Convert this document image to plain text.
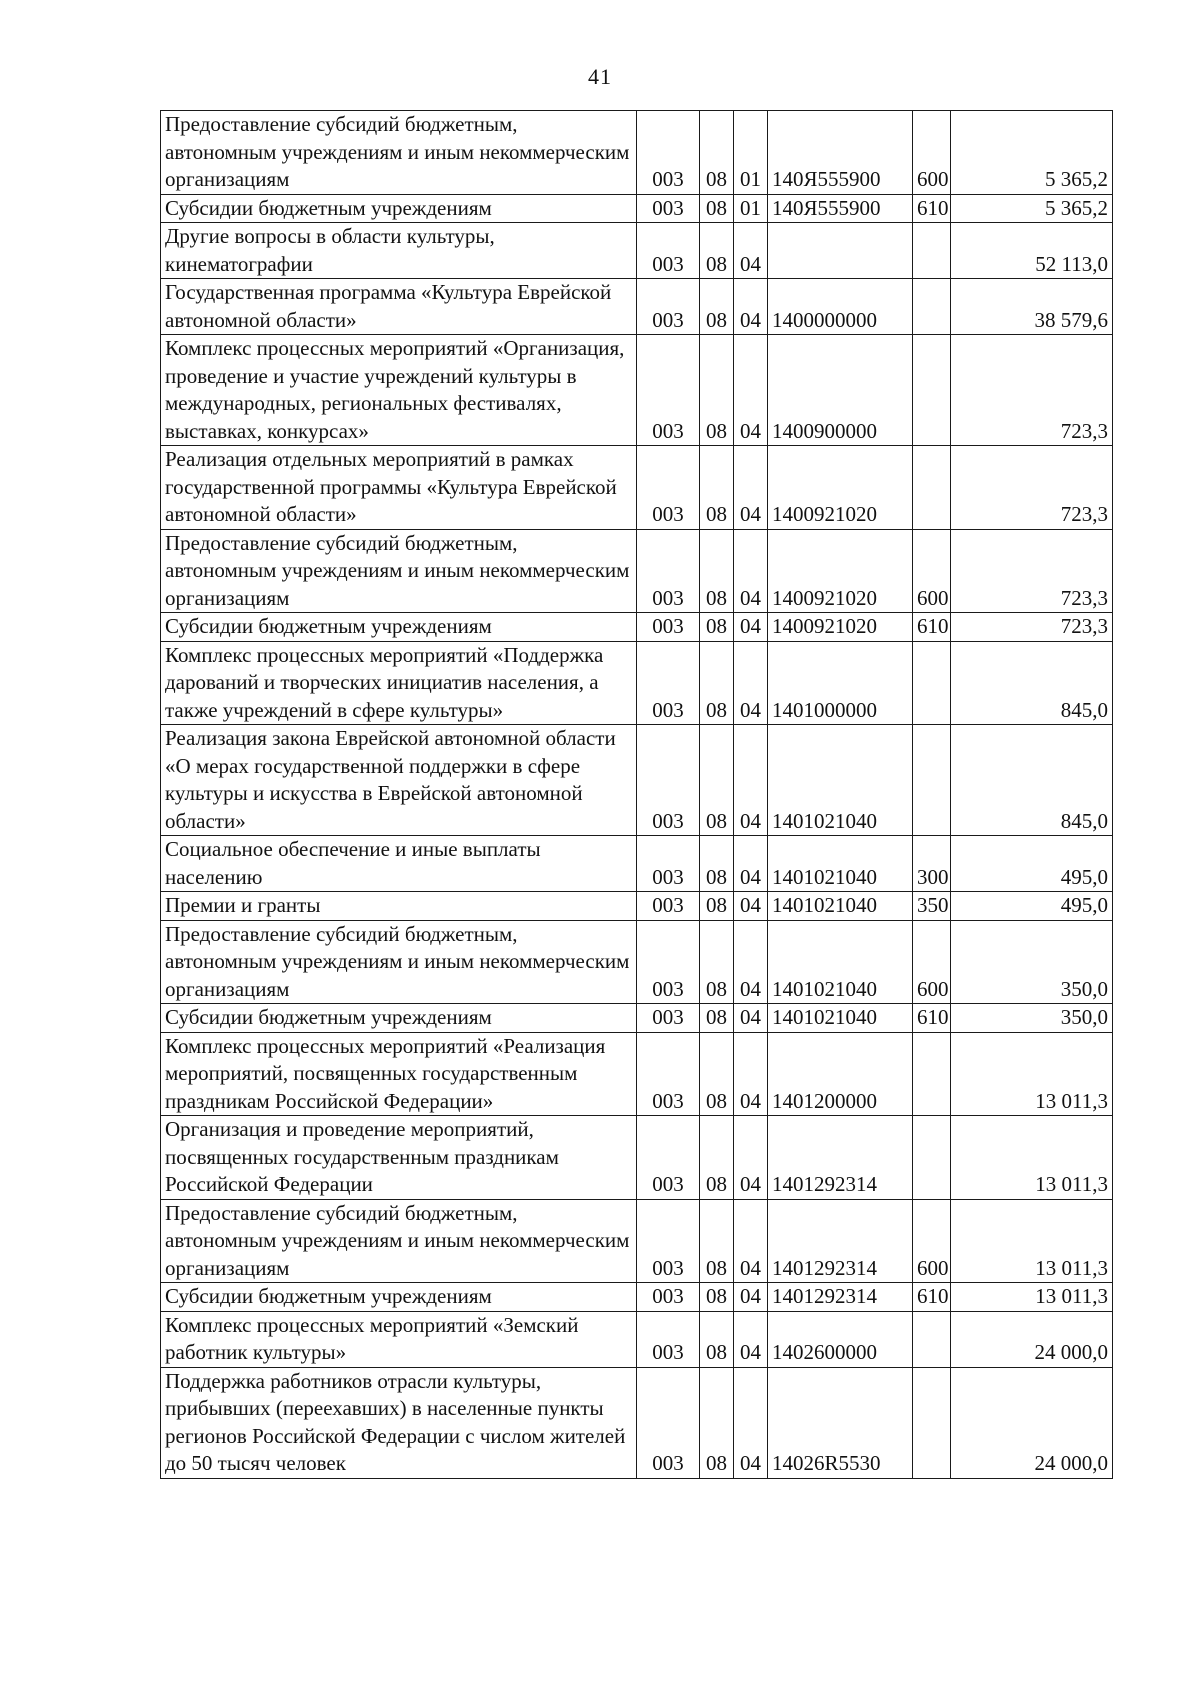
41
Предоставление субсидий бюджетным, автономным учреждениям и иным некоммерческим организациям	003	08	01	140Я555900	600	5 365,2
Субсидии бюджетным учреждениям	003	08	01	140Я555900	610	5 365,2
Другие вопросы в области культуры, кинематографии	003	08	04			52 113,0
Государственная программа «Культура Еврейской автономной области»	003	08	04	1400000000		38 579,6
Комплекс процессных мероприятий «Организация, проведение и участие учреждений культуры в международных, региональных фестивалях, выставках, конкурсах»	003	08	04	1400900000		723,3
Реализация отдельных мероприятий в рамках государственной программы «Культура Еврейской автономной области»	003	08	04	1400921020		723,3
Предоставление субсидий бюджетным, автономным учреждениям и иным некоммерческим организациям	003	08	04	1400921020	600	723,3
Субсидии бюджетным учреждениям	003	08	04	1400921020	610	723,3
Комплекс процессных мероприятий «Поддержка дарований и творческих инициатив населения, а также учреждений в сфере культуры»	003	08	04	1401000000		845,0
Реализация закона Еврейской автономной области «О мерах государственной поддержки в сфере культуры и искусства в Еврейской автономной области»	003	08	04	1401021040		845,0
Социальное обеспечение и иные выплаты населению	003	08	04	1401021040	300	495,0
Премии и гранты	003	08	04	1401021040	350	495,0
Предоставление субсидий бюджетным, автономным учреждениям и иным некоммерческим организациям	003	08	04	1401021040	600	350,0
Субсидии бюджетным учреждениям	003	08	04	1401021040	610	350,0
Комплекс процессных мероприятий «Реализация мероприятий, посвященных государственным праздникам Российской Федерации»	003	08	04	1401200000		13 011,3
Организация и проведение мероприятий, посвященных государственным праздникам Российской Федерации	003	08	04	1401292314		13 011,3
Предоставление субсидий бюджетным, автономным учреждениям и иным некоммерческим организациям	003	08	04	1401292314	600	13 011,3
Субсидии бюджетным учреждениям	003	08	04	1401292314	610	13 011,3
Комплекс процессных мероприятий «Земский работник культуры»	003	08	04	1402600000		24 000,0
Поддержка работников отрасли культуры, прибывших (переехавших) в населенные пункты регионов Российской Федерации с числом жителей до 50 тысяч человек	003	08	04	14026R5530		24 000,0
